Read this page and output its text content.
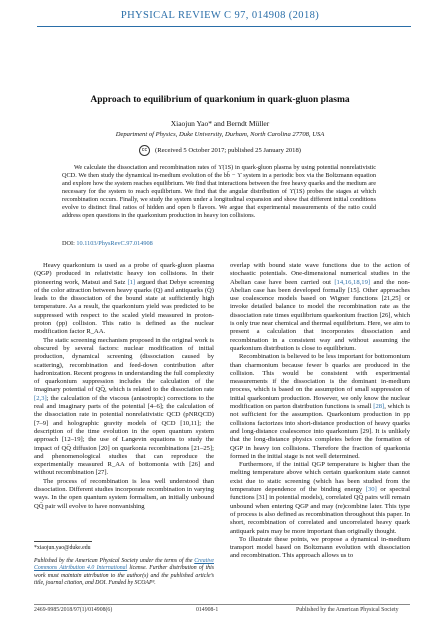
PHYSICAL REVIEW C 97, 014908 (2018)
Approach to equilibrium of quarkonium in quark-gluon plasma
Xiaojun Yao* and Berndt Müller
Department of Physics, Duke University, Durham, North Carolina 27708, USA
cc (Received 5 October 2017; published 25 January 2018)

We calculate the dissociation and recombination rates of ϒ(1S) in quark-gluon plasma by using potential nonrelativistic QCD. We then study the dynamical in-medium evolution of the bb̄ − ϒ system in a periodic box via the Boltzmann equation and explore how the system reaches equilibrium. We find that interactions between the free heavy quarks and the medium are necessary for the system to reach equilibrium. We find that the angular distribution of ϒ(1S) probes the stages at which recombination occurs. Finally, we study the system under a longitudinal expansion and show that different initial conditions evolve to distinct final ratios of hidden and open b flavors. We argue that experimental measurements of the ratio could address open questions in the quarkonium production in heavy ion collisions.

DOI: 10.1103/PhysRevC.97.014908

Heavy quarkonium is used as a probe of quark-gluon plasma (QGP) produced in relativistic heavy ion collisions. In their pioneering work, Matsui and Satz [1] argued that Debye screening of the color attraction between heavy quarks (Q) and antiquarks (Q̄) leads to the dissociation of the bound state at sufficiently high temperature. As a result, the quarkonium yield was predicted to be suppressed with respect to the scaled yield measured in proton-proton (pp) collision. This ratio is defined as the nuclear modification factor R_AA.

The static screening mechanism proposed in the original work is obscured by several factors: nuclear modification of initial production, dynamical screening (dissociation caused by scattering), recombination and feed-down contribution after hadronization. Recent progress in understanding the full complexity of quarkonium suppression includes the calculation of the imaginary potential of QQ̄, which is related to the dissociation rate [2,3]; the calculation of the viscous (anisotropic) corrections to the real and imaginary parts of the potential [4–6]; the calculation of the dissociation rate in potential nonrelativistic QCD (pNRQCD) [7–9] and holographic gravity models of QCD [10,11]; the description of the time evolution in the open quantum system approach [12–19]; the use of Langevin equations to study the impact of QQ̄ diffusion [20] on quarkonia recombinations [21–25]; and phenomenological studies that can reproduce the experimentally measured R_AA of bottomonia with [26] and without recombination [27].

The process of recombination is less well understood than dissociation. Different studies incorporate recombination in varying ways. In the open quantum system formalism, an initially unbound QQ̄ pair will evolve to have nonvanishing

overlap with bound state wave functions due to the action of stochastic potentials. One-dimensional numerical studies in the Abelian case have been carried out [14,16,18,19] and the non-Abelian case has been developed formally [15]. Other approaches use coalescence models based on Wigner functions [21,25] or invoke detailed balance to model the recombination rate as the dissociation rate times equilibrium quarkonium fraction [26], which is only true near chemical and thermal equilibrium. Here, we aim to present a calculation that incorporates dissociation and recombination in a consistent way and without assuming the quarkonium distribution is close to equilibrium.

Recombination is believed to be less important for bottomonium than charmonium because fewer b quarks are produced in the collision. This would be consistent with experimental measurements if the dissociation is the dominant in-medium process, which is based on the assumption of small suppression of initial quarkonium production. However, we only know the nuclear modification on parton distribution functions is small [28], which is not sufficient for the assumption. Quarkonium production in pp collisions factorizes into short-distance production of heavy quarks and long-distance coalescence into quarkonium [29]. It is unlikely that the long-distance physics completes before the formation of QGP in heavy ion collisions. Therefore the fraction of quarkonia formed in the initial stage is not well determined.

Furthermore, if the initial QGP temperature is higher than the melting temperature above which certain quarkonium state cannot exist due to static screening (which has been studied from the temperature dependence of the binding energy [30] or spectral functions [31] in potential models), correlated QQ̄ pairs will remain unbound when entering QGP and may (re)combine later. This type of process is also defined as recombination throughout this paper. In short, recombination of correlated and uncorrelated heavy quark antiquark pairs may be more important than originally thought.

To illustrate these points, we propose a dynamical in-medium transport model based on Boltzmann evolution with dissociation and recombination. This approach allows us to

*xiaojun.yao@duke.edu
Published by the American Physical Society under the terms of the Creative Commons Attribution 4.0 International license. Further distribution of this work must maintain attribution to the author(s) and the published article’s title, journal citation, and DOI. Funded by SCOAP³.
2469-9985/2018/97(1)/014908(6)	014908-1	Published by the American Physical Society
